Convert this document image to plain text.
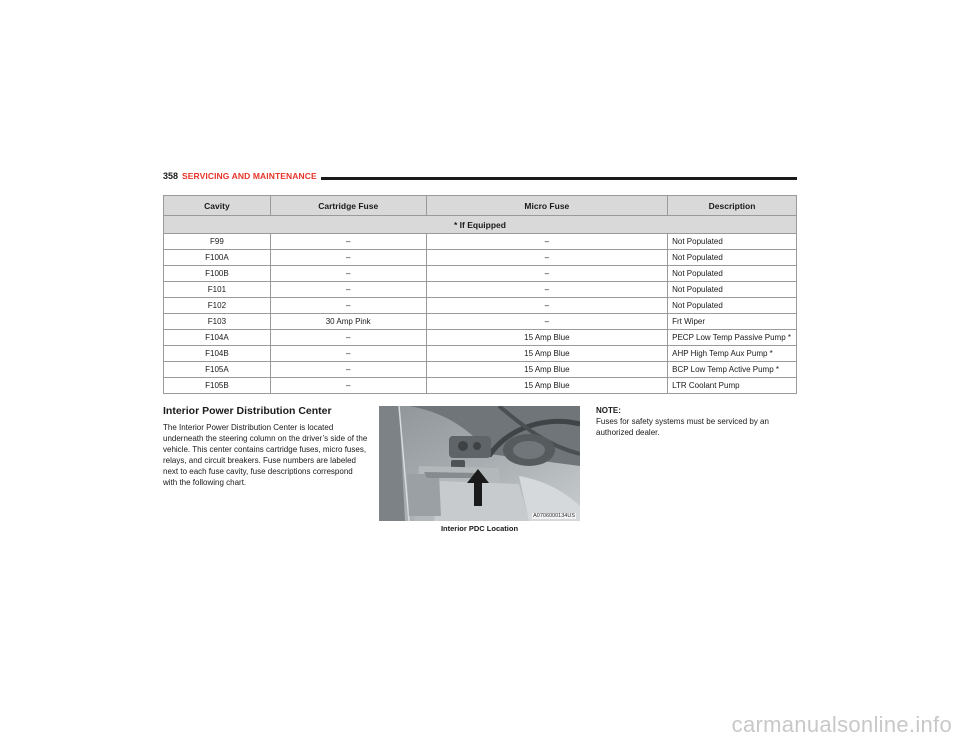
358 SERVICING AND MAINTENANCE
Cavity	Cartridge Fuse	Micro Fuse	Description
* If Equipped			
F99	–	–	Not Populated
F100A	–	–	Not Populated
F100B	–	–	Not Populated
F101	–	–	Not Populated
F102	–	–	Not Populated
F103	30 Amp Pink	–	Frt Wiper
F104A	–	15 Amp Blue	PECP Low Temp Passive Pump *
F104B	–	15 Amp Blue	AHP High Temp Aux Pump *
F105A	–	15 Amp Blue	BCP Low Temp Active Pump *
F105B	–	15 Amp Blue	LTR Coolant Pump
Interior Power Distribution Center
The Interior Power Distribution Center is located underneath the steering column on the driver’s side of the vehicle. This center contains cartridge fuses, micro fuses, relays, and circuit breakers. Fuse numbers are labeled next to each fuse cavity, fuse descriptions correspond with the following chart.
A0706000134US
Interior PDC Location
NOTE:
Fuses for safety systems must be serviced by an authorized dealer.
carmanualsonline.info
